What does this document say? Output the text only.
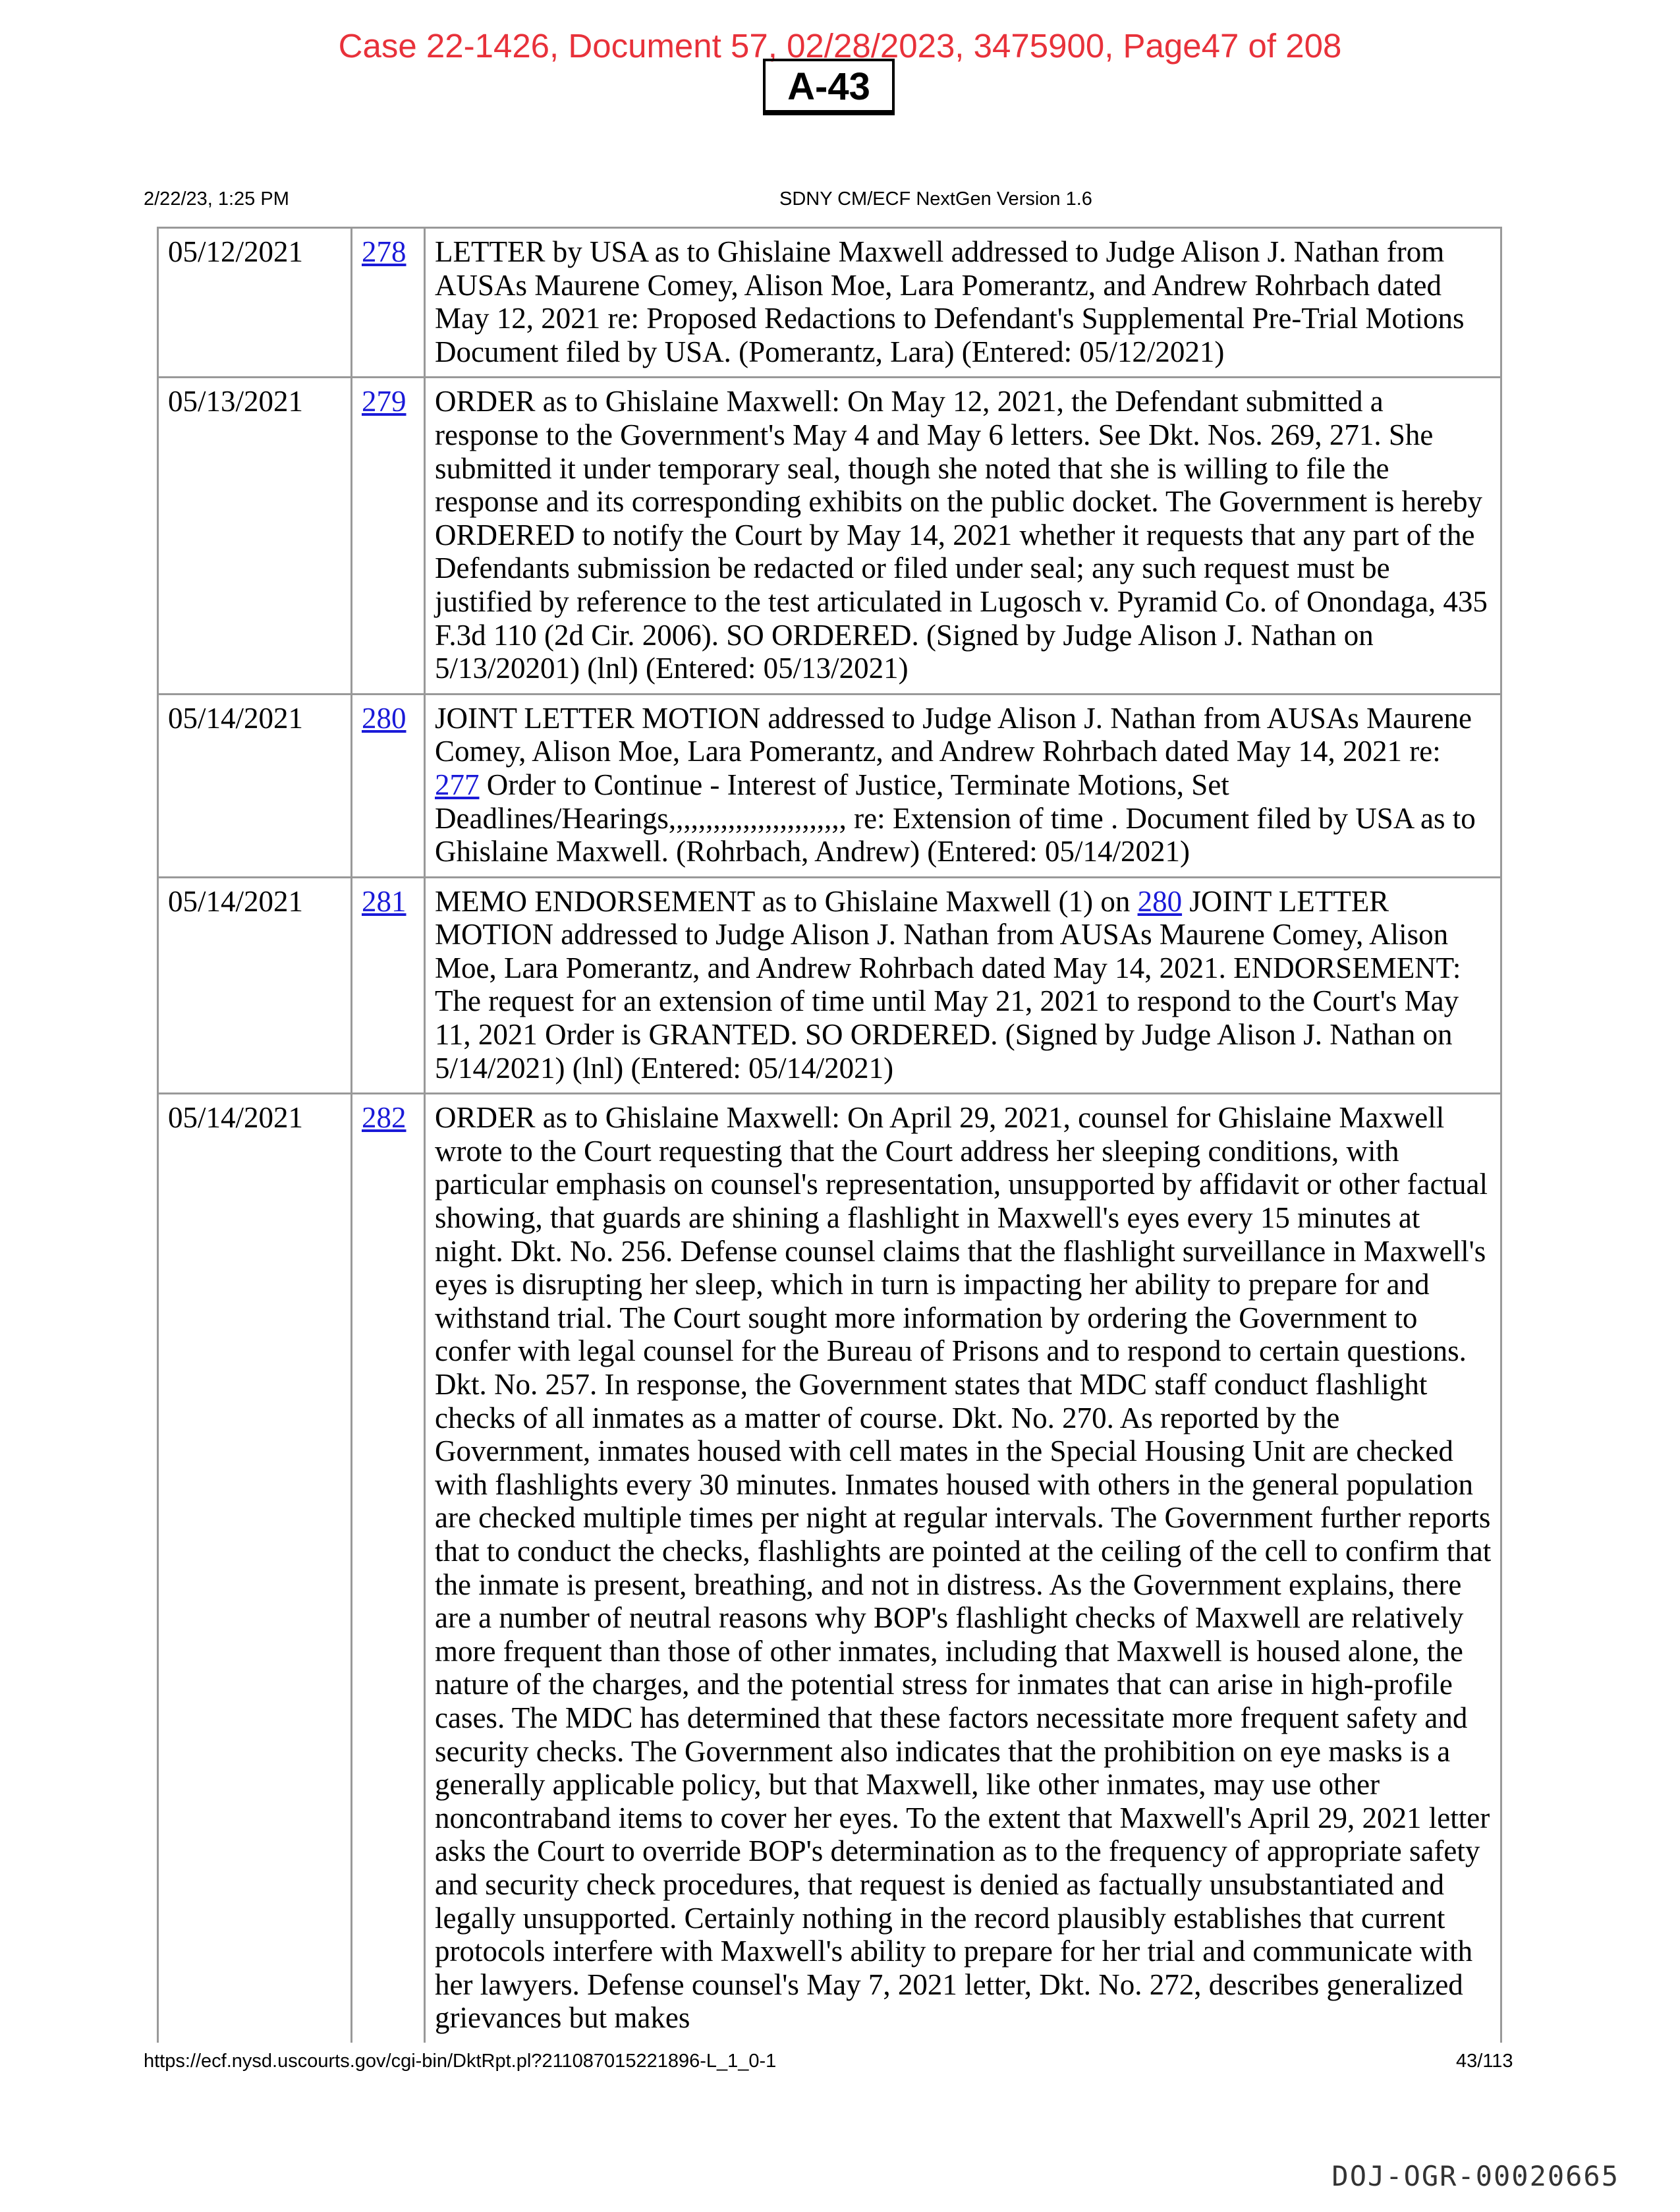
Case 22-1426, Document 57, 02/28/2023, 3475900, Page47 of 208
A-43
2/22/23, 1:25 PM	SDNY CM/ECF NextGen Version 1.6
05/12/2021	278	LETTER by USA as to Ghislaine Maxwell addressed to Judge Alison J. Nathan from AUSAs Maurene Comey, Alison Moe, Lara Pomerantz, and Andrew Rohrbach dated May 12, 2021 re: Proposed Redactions to Defendant's Supplemental Pre-Trial Motions Document filed by USA. (Pomerantz, Lara) (Entered: 05/12/2021)
05/13/2021	279	ORDER as to Ghislaine Maxwell: On May 12, 2021, the Defendant submitted a response to the Government's May 4 and May 6 letters. See Dkt. Nos. 269, 271. She submitted it under temporary seal, though she noted that she is willing to file the response and its corresponding exhibits on the public docket. The Government is hereby ORDERED to notify the Court by May 14, 2021 whether it requests that any part of the Defendants submission be redacted or filed under seal; any such request must be justified by reference to the test articulated in Lugosch v. Pyramid Co. of Onondaga, 435 F.3d 110 (2d Cir. 2006). SO ORDERED. (Signed by Judge Alison J. Nathan on 5/13/20201) (lnl) (Entered: 05/13/2021)
05/14/2021	280	JOINT LETTER MOTION addressed to Judge Alison J. Nathan from AUSAs Maurene Comey, Alison Moe, Lara Pomerantz, and Andrew Rohrbach dated May 14, 2021 re: 277 Order to Continue - Interest of Justice, Terminate Motions, Set Deadlines/Hearings,,,,,,,,,,,,,,,,,,,,,,,, re: Extension of time . Document filed by USA as to Ghislaine Maxwell. (Rohrbach, Andrew) (Entered: 05/14/2021)
05/14/2021	281	MEMO ENDORSEMENT as to Ghislaine Maxwell (1) on 280 JOINT LETTER MOTION addressed to Judge Alison J. Nathan from AUSAs Maurene Comey, Alison Moe, Lara Pomerantz, and Andrew Rohrbach dated May 14, 2021. ENDORSEMENT: The request for an extension of time until May 21, 2021 to respond to the Court's May 11, 2021 Order is GRANTED. SO ORDERED. (Signed by Judge Alison J. Nathan on 5/14/2021) (lnl) (Entered: 05/14/2021)
05/14/2021	282	ORDER as to Ghislaine Maxwell: On April 29, 2021, counsel for Ghislaine Maxwell wrote to the Court requesting that the Court address her sleeping conditions, with particular emphasis on counsel's representation, unsupported by affidavit or other factual showing, that guards are shining a flashlight in Maxwell's eyes every 15 minutes at night. Dkt. No. 256. Defense counsel claims that the flashlight surveillance in Maxwell's eyes is disrupting her sleep, which in turn is impacting her ability to prepare for and withstand trial. The Court sought more information by ordering the Government to confer with legal counsel for the Bureau of Prisons and to respond to certain questions. Dkt. No. 257. In response, the Government states that MDC staff conduct flashlight checks of all inmates as a matter of course. Dkt. No. 270. As reported by the Government, inmates housed with cell mates in the Special Housing Unit are checked with flashlights every 30 minutes. Inmates housed with others in the general population are checked multiple times per night at regular intervals. The Government further reports that to conduct the checks, flashlights are pointed at the ceiling of the cell to confirm that the inmate is present, breathing, and not in distress. As the Government explains, there are a number of neutral reasons why BOP's flashlight checks of Maxwell are relatively more frequent than those of other inmates, including that Maxwell is housed alone, the nature of the charges, and the potential stress for inmates that can arise in high-profile cases. The MDC has determined that these factors necessitate more frequent safety and security checks. The Government also indicates that the prohibition on eye masks is a generally applicable policy, but that Maxwell, like other inmates, may use other noncontraband items to cover her eyes. To the extent that Maxwell's April 29, 2021 letter asks the Court to override BOP's determination as to the frequency of appropriate safety and security check procedures, that request is denied as factually unsubstantiated and legally unsupported. Certainly nothing in the record plausibly establishes that current protocols interfere with Maxwell's ability to prepare for her trial and communicate with her lawyers. Defense counsel's May 7, 2021 letter, Dkt. No. 272, describes generalized grievances but makes
https://ecf.nysd.uscourts.gov/cgi-bin/DktRpt.pl?211087015221896-L_1_0-1	43/113
DOJ-OGR-00020665
